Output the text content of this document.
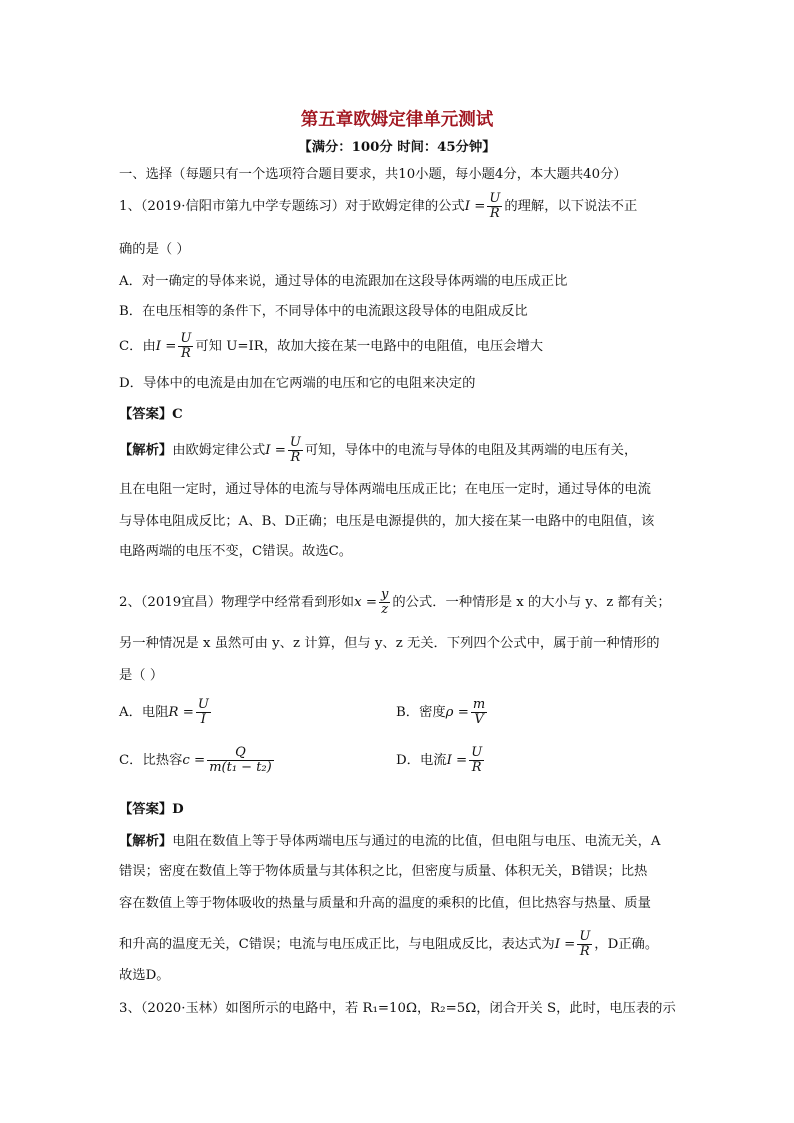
第五章欧姆定律单元测试
【满分：100分 时间：45分钟】
一、选择（每题只有一个选项符合题目要求，共10小题，每小题4分，本大题共40分）
1、（2019·信阳市第九中学专题练习）对于欧姆定律的公式$I = \frac{U}{R}$ 的理解，以下说法不正
确的是（ ）
A．对一确定的导体来说，通过导体的电流跟加在这段导体两端的电压成正比
B．在电压相等的条件下，不同导体中的电流跟这段导体的电阻成反比
C．由$I = \frac{U}{R}$ 可知 U=IR，故加大接在某一电路中的电阻值，电压会增大
D．导体中的电流是由加在它两端的电压和它的电阻来决定的
【答案】C
【解析】由欧姆定律公式$I = \frac{U}{R}$ 可知，导体中的电流与导体的电阻及其两端的电压有关，
且在电阻一定时，通过导体的电流与导体两端电压成正比；在电压一定时，通过导体的电流
与导体电阻成反比；A、B、D正确；电压是电源提供的，加大接在某一电路中的电阻值，该
电路两端的电压不变，C错误。故选C。
2、（2019宜昌）物理学中经常看到形如$x = \frac{y}{z}$ 的公式．一种情形是 x 的大小与 y、z 都有关；
另一种情况是 x 虽然可由 y、z 计算，但与 y、z 无关．下列四个公式中，属于前一种情形的
是（ ）
A．电阻$R = \frac{U}{I}$	B．密度$\rho = \frac{m}{V}$
C．比热容$c = \frac{Q}{\text{m(t₁ − t₂)}}$	D．电流$I = \frac{U}{R}$
【答案】D
【解析】电阻在数值上等于导体两端电压与通过的电流的比值，但电阻与电压、电流无关，A
错误；密度在数值上等于物体质量与其体积之比，但密度与质量、体积无关，B错误；比热
容在数值上等于物体吸收的热量与质量和升高的温度的乘积的比值，但比热容与热量、质量
和升高的温度无关，C错误；电流与电压成正比，与电阻成反比，表达式为$I = \frac{U}{R}$ ，D正确。
故选D。
3、（2020·玉林）如图所示的电路中，若 R₁=10Ω，R₂=5Ω，闭合开关 S，此时，电压表的示
